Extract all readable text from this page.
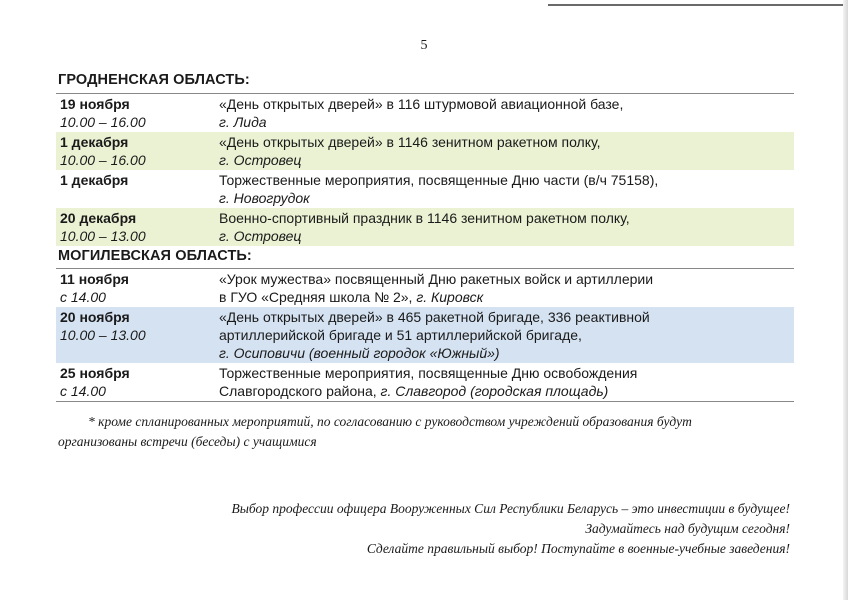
5
ГРОДНЕНСКАЯ ОБЛАСТЬ:
19 ноября
10.00 – 16.00
«День открытых дверей» в 116 штурмовой авиационной базе,
г. Лида
1 декабря
10.00 – 16.00
«День открытых дверей» в 1146 зенитном ракетном полку,
г. Островец
1 декабря	Торжественные мероприятия, посвященные Дню части (в/ч 75158),
г. Новогрудок
20 декабря
10.00 – 13.00
Военно-спортивный праздник в 1146 зенитном ракетном полку,
г. Островец
МОГИЛЕВСКАЯ ОБЛАСТЬ:
11 ноября
с 14.00
«Урок мужества» посвященный Дню ракетных войск и артиллерии
в ГУО «Средняя школа № 2», г. Кировск
20 ноября
10.00 – 13.00
«День открытых дверей» в 465 ракетной бригаде, 336 реактивной
артиллерийской бригаде и 51 артиллерийской бригаде,
г. Осиповичи (военный городок «Южный»)
25 ноября
с 14.00
Торжественные мероприятия, посвященные Дню освобождения
Славгородского района, г. Славгород (городская площадь)
* кроме спланированных мероприятий, по согласованию с руководством учреждений образования будут
организованы встречи (беседы) с учащимися
Выбор профессии офицера Вооруженных Сил Республики Беларусь – это инвестиции в будущее!
Задумайтесь над будущим сегодня!
Сделайте правильный выбор! Поступайте в военные-учебные заведения!
